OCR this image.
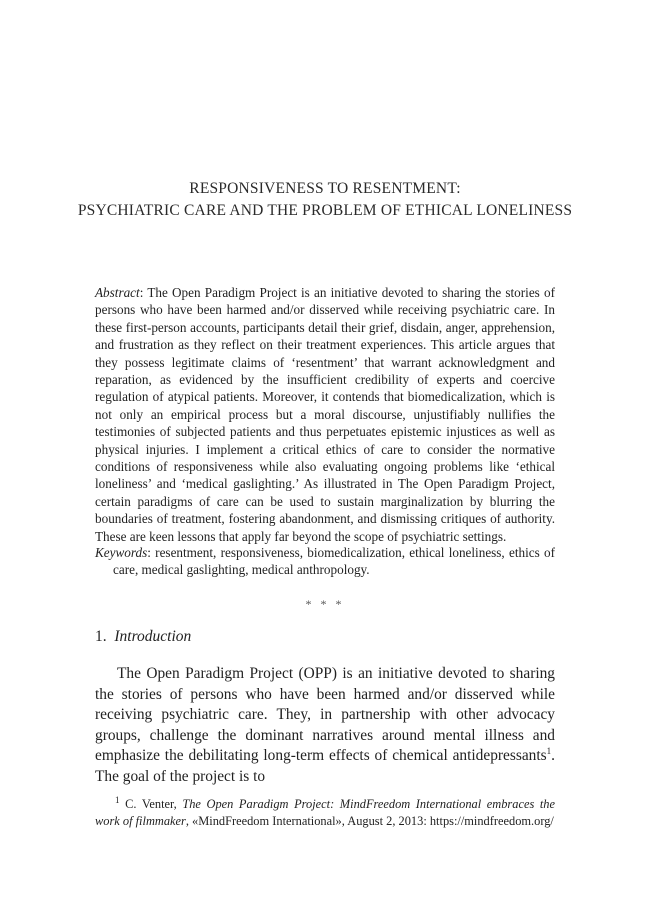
RESPONSIVENESS TO RESENTMENT:
PSYCHIATRIC CARE AND THE PROBLEM OF ETHICAL LONELINESS

Abstract: The Open Paradigm Project is an initiative devoted to sharing the stories of persons who have been harmed and/or disserved while receiving psychiatric care. In these first-person accounts, participants detail their grief, disdain, anger, apprehension, and frustration as they reflect on their treatment experiences. This article argues that they possess legitimate claims of ‘resentment’ that warrant acknowledgment and reparation, as evidenced by the insufficient credibility of experts and coercive regulation of atypical patients. Moreover, it contends that biomedicalization, which is not only an empirical process but a moral discourse, unjustifiably nullifies the testimonies of subjected patients and thus perpetuates epistemic injustices as well as physical injuries. I implement a critical ethics of care to consider the normative conditions of responsiveness while also evaluating ongoing problems like ‘ethical loneliness’ and ‘medical gaslighting.’ As illustrated in The Open Paradigm Project, certain paradigms of care can be used to sustain marginalization by blurring the boundaries of treatment, fostering abandonment, and dismissing critiques of authority. These are keen lessons that apply far beyond the scope of psychiatric settings.

Keywords: resentment, responsiveness, biomedicalization, ethical loneliness, ethics of care, medical gaslighting, medical anthropology.

* * *
1. Introduction

The Open Paradigm Project (OPP) is an initiative devoted to sharing the stories of persons who have been harmed and/or disserved while receiving psychiatric care. They, in partnership with other advocacy groups, challenge the dominant narratives around mental illness and emphasize the debilitating long-term effects of chemical antidepressants$^1$. The goal of the project is to

$^1$ C. Venter, The Open Paradigm Project: MindFreedom International embraces the work of filmmaker, «MindFreedom International», August 2, 2013: https://mindfreedom.org/
